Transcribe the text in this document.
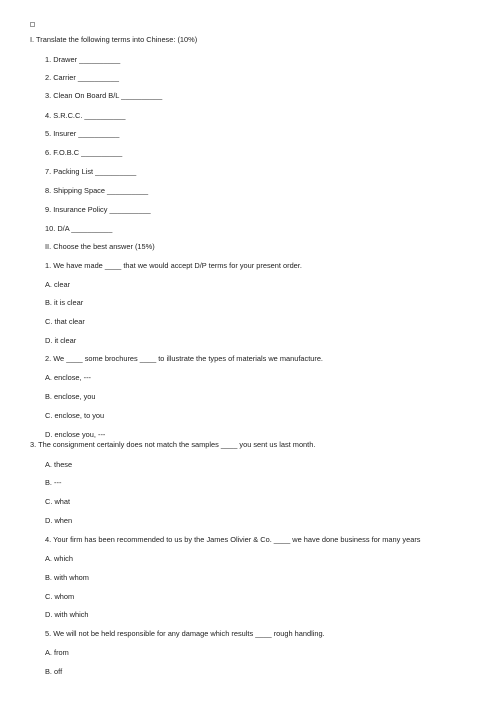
I. Translate the following terms into Chinese: (10%)
1. Drawer __________
2. Carrier __________
3. Clean On Board B/L __________
4. S.R.C.C. __________
5. Insurer __________
6. F.O.B.C __________
7. Packing List __________
8. Shipping Space __________
9. Insurance Policy __________
10. D/A __________
II. Choose the best answer (15%)
1. We have made ____ that we would accept D/P terms for your present order.
A. clear
B. it is clear
C. that clear
D. it clear
2. We ____ some brochures ____ to illustrate the types of materials we manufacture.
A. enclose, ---
B. enclose, you
C. enclose, to you
D. enclose you, ---
3. The consignment certainly does not match the samples ____ you sent us last month.
A. these
B. ---
C. what
D. when
4. Your firm has been recommended to us by the James Olivier & Co. ____ we have done business for many years
A. which
B. with whom
C. whom
D. with which
5. We will not be held responsible for any damage which results ____ rough handling.
A. from
B. off
